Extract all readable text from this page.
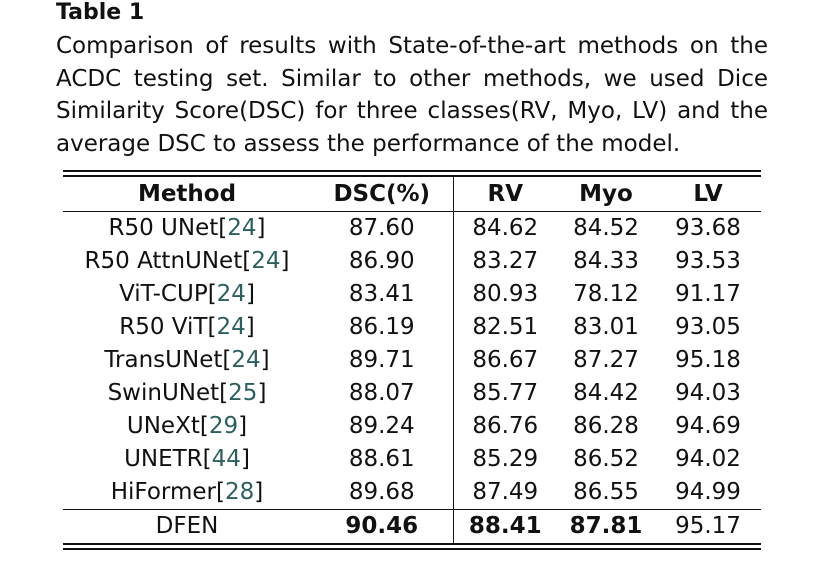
Table 1

Comparison of results with State-of-the-art methods on the ACDC testing set. Similar to other methods, we used Dice Similarity Score(DSC) for three classes(RV, Myo, LV) and the average DSC to assess the performance of the model.

Method	DSC(%)	RV	Myo	LV
R50 UNet[24]	87.60	84.62	84.52	93.68
R50 AttnUNet[24]	86.90	83.27	84.33	93.53
ViT-CUP[24]	83.41	80.93	78.12	91.17
R50 ViT[24]	86.19	82.51	83.01	93.05
TransUNet[24]	89.71	86.67	87.27	95.18
SwinUNet[25]	88.07	85.77	84.42	94.03
UNeXt[29]	89.24	86.76	86.28	94.69
UNETR[44]	88.61	85.29	86.52	94.02
HiFormer[28]	89.68	87.49	86.55	94.99
DFEN	90.46	88.41	87.81	95.17
